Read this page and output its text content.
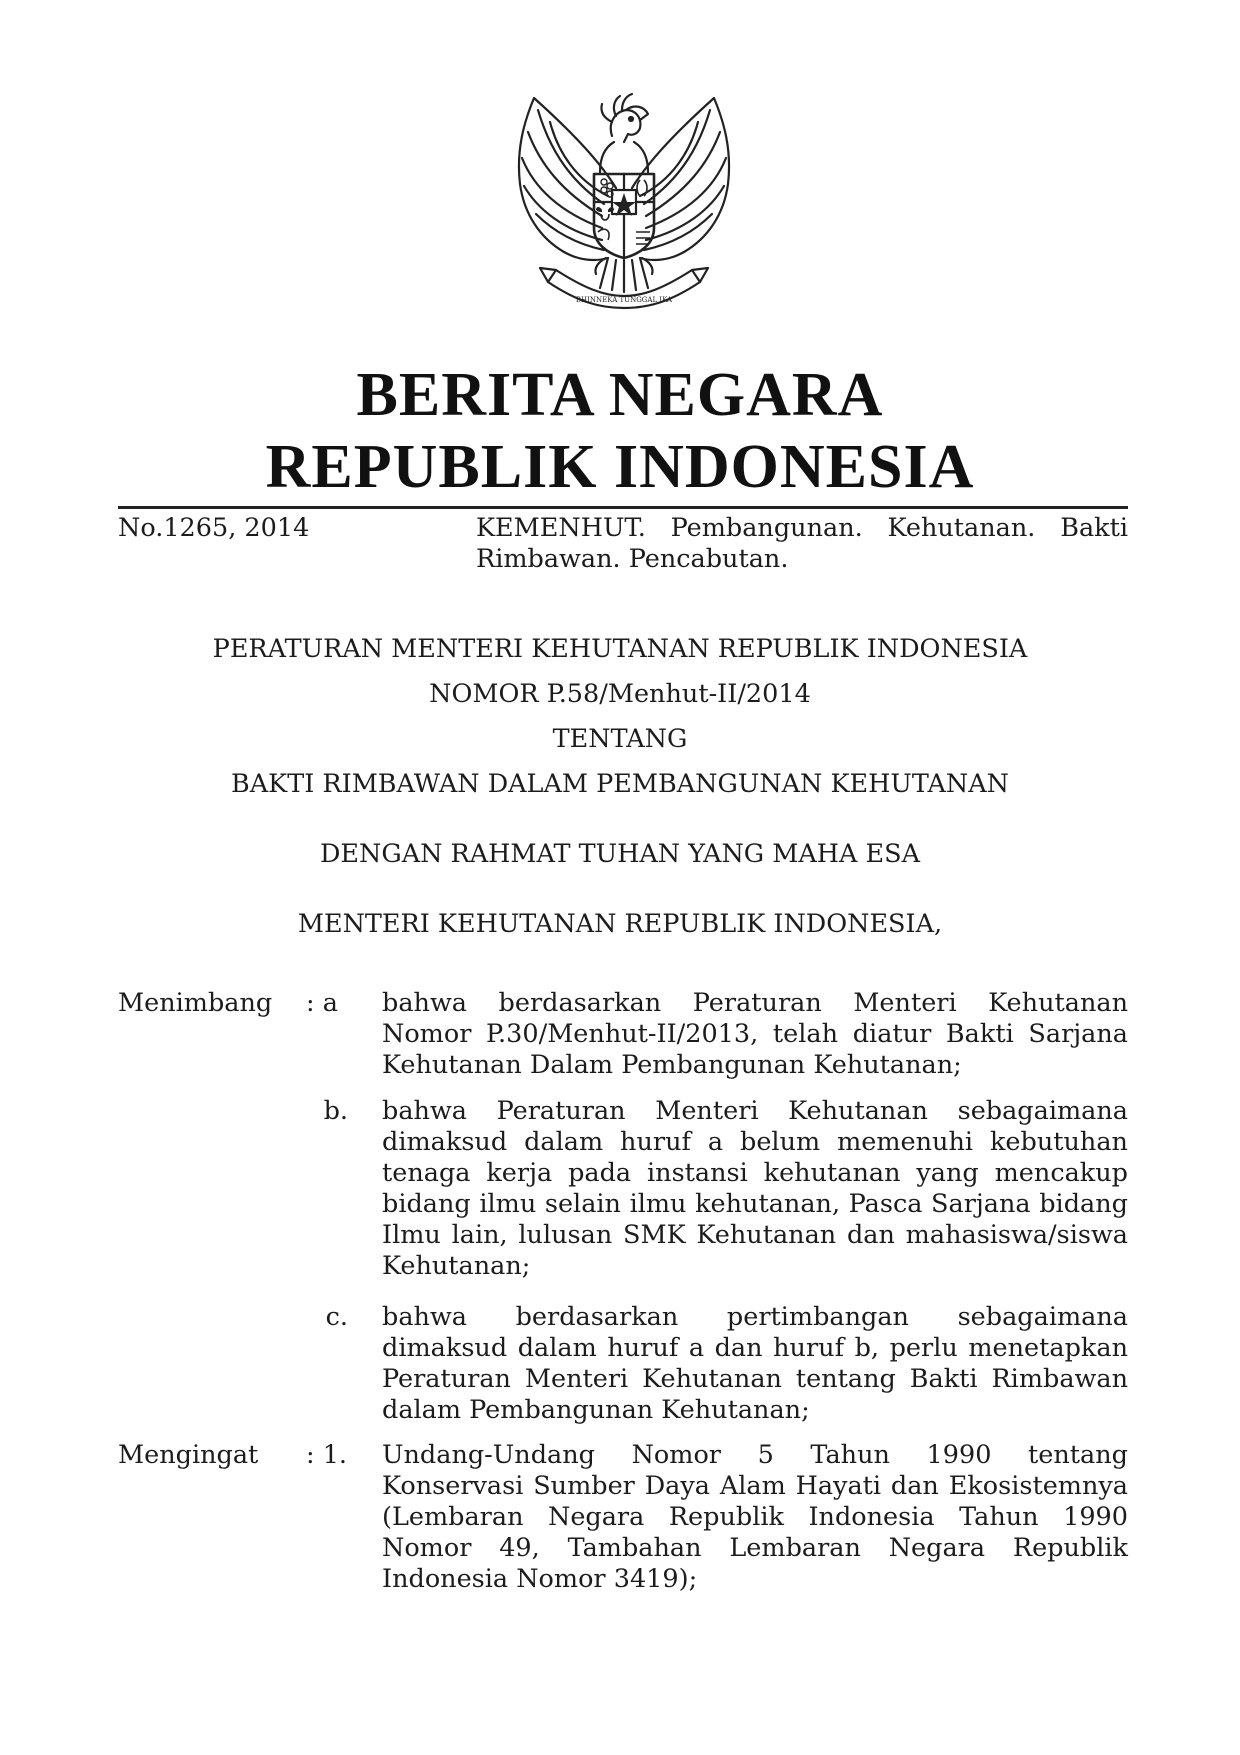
BHINNEKA TUNGGAL IKA
BERITA NEGARA
REPUBLIK INDONESIA
No.1265, 2014	KEMENHUT. Pembangunan. Kehutanan. Bakti Rimbawan. Pencabutan.
PERATURAN MENTERI KEHUTANAN REPUBLIK INDONESIA
NOMOR P.58/Menhut-II/2014
TENTANG
BAKTI RIMBAWAN DALAM PEMBANGUNAN KEHUTANAN
DENGAN RAHMAT TUHAN YANG MAHA ESA
MENTERI KEHUTANAN REPUBLIK INDONESIA,
Menimbang : a bahwa berdasarkan Peraturan Menteri Kehutanan Nomor P.30/Menhut-II/2013, telah diatur Bakti Sarjana Kehutanan Dalam Pembangunan Kehutanan;
b. bahwa Peraturan Menteri Kehutanan sebagaimana dimaksud dalam huruf a belum memenuhi kebutuhan tenaga kerja pada instansi kehutanan yang mencakup bidang ilmu selain ilmu kehutanan, Pasca Sarjana bidang Ilmu lain, lulusan SMK Kehutanan dan mahasiswa/siswa Kehutanan;
c. bahwa berdasarkan pertimbangan sebagaimana dimaksud dalam huruf a dan huruf b, perlu menetapkan Peraturan Menteri Kehutanan tentang Bakti Rimbawan dalam Pembangunan Kehutanan;
Mengingat : 1. Undang-Undang Nomor 5 Tahun 1990 tentang Konservasi Sumber Daya Alam Hayati dan Ekosistemnya (Lembaran Negara Republik Indonesia Tahun 1990 Nomor 49, Tambahan Lembaran Negara Republik Indonesia Nomor 3419);
